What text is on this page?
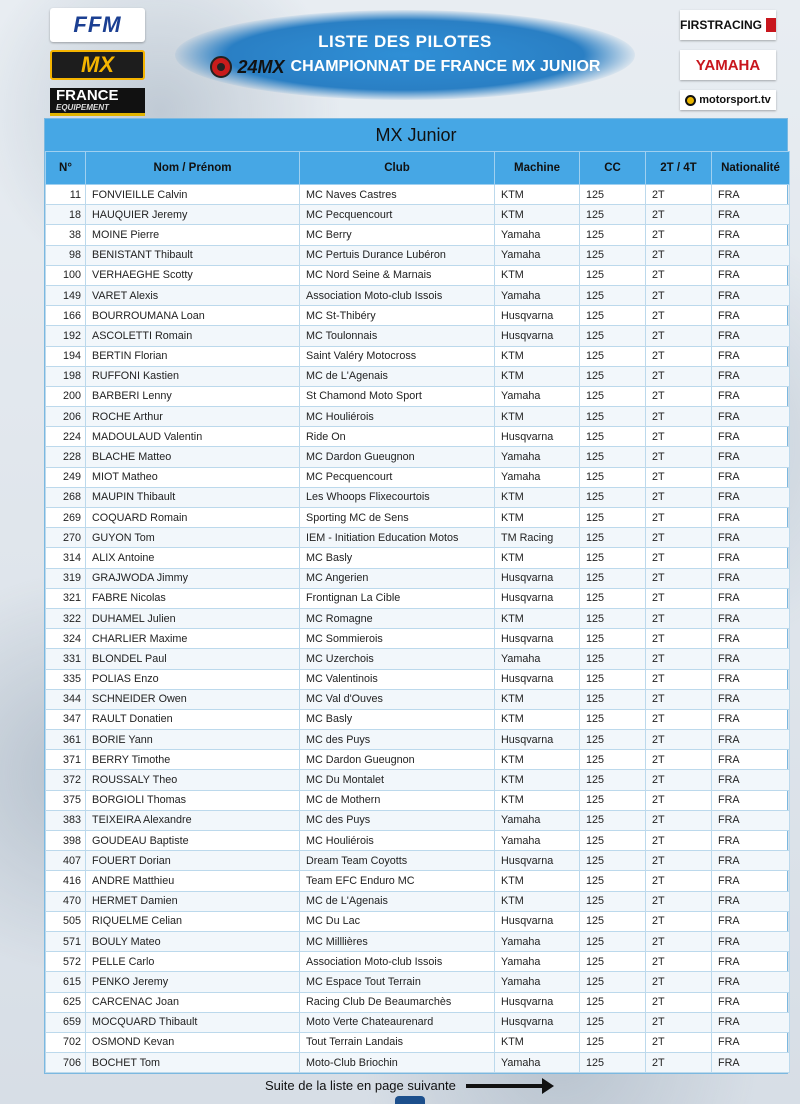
FFM
MX
FRANCE
EQUIPEMENT
LISTE DES PILOTES
24MX CHAMPIONNAT DE FRANCE MX JUNIOR
FIRSTRACING
YAMAHA
motorsport.tv
MX Junior
N°	Nom / Prénom	Club	Machine	CC	2T / 4T	Nationalité
11	FONVIEILLE Calvin	MC Naves Castres	KTM	125	2T	FRA
18	HAUQUIER Jeremy	MC Pecquencourt	KTM	125	2T	FRA
38	MOINE Pierre	MC Berry	Yamaha	125	2T	FRA
98	BENISTANT Thibault	MC Pertuis Durance Lubéron	Yamaha	125	2T	FRA
100	VERHAEGHE Scotty	MC Nord Seine & Marnais	KTM	125	2T	FRA
149	VARET Alexis	Association Moto-club Issois	Yamaha	125	2T	FRA
166	BOURROUMANA Loan	MC St-Thibéry	Husqvarna	125	2T	FRA
192	ASCOLETTI Romain	MC Toulonnais	Husqvarna	125	2T	FRA
194	BERTIN Florian	Saint Valéry Motocross	KTM	125	2T	FRA
198	RUFFONI Kastien	MC de L'Agenais	KTM	125	2T	FRA
200	BARBERI Lenny	St Chamond Moto Sport	Yamaha	125	2T	FRA
206	ROCHE Arthur	MC Houliérois	KTM	125	2T	FRA
224	MADOULAUD Valentin	Ride On	Husqvarna	125	2T	FRA
228	BLACHE Matteo	MC Dardon Gueugnon	Yamaha	125	2T	FRA
249	MIOT Matheo	MC Pecquencourt	Yamaha	125	2T	FRA
268	MAUPIN Thibault	Les Whoops Flixecourtois	KTM	125	2T	FRA
269	COQUARD Romain	Sporting MC de Sens	KTM	125	2T	FRA
270	GUYON Tom	IEM - Initiation Education Motos	TM Racing	125	2T	FRA
314	ALIX Antoine	MC Basly	KTM	125	2T	FRA
319	GRAJWODA Jimmy	MC Angerien	Husqvarna	125	2T	FRA
321	FABRE Nicolas	Frontignan La Cible	Husqvarna	125	2T	FRA
322	DUHAMEL Julien	MC Romagne	KTM	125	2T	FRA
324	CHARLIER Maxime	MC Sommierois	Husqvarna	125	2T	FRA
331	BLONDEL Paul	MC Uzerchois	Yamaha	125	2T	FRA
335	POLIAS Enzo	MC Valentinois	Husqvarna	125	2T	FRA
344	SCHNEIDER Owen	MC Val d'Ouves	KTM	125	2T	FRA
347	RAULT Donatien	MC Basly	KTM	125	2T	FRA
361	BORIE Yann	MC des Puys	Husqvarna	125	2T	FRA
371	BERRY Timothe	MC Dardon Gueugnon	KTM	125	2T	FRA
372	ROUSSALY Theo	MC Du Montalet	KTM	125	2T	FRA
375	BORGIOLI Thomas	MC de Mothern	KTM	125	2T	FRA
383	TEIXEIRA Alexandre	MC des Puys	Yamaha	125	2T	FRA
398	GOUDEAU Baptiste	MC Houliérois	Yamaha	125	2T	FRA
407	FOUERT Dorian	Dream Team Coyotts	Husqvarna	125	2T	FRA
416	ANDRE Matthieu	Team EFC Enduro MC	KTM	125	2T	FRA
470	HERMET Damien	MC de L'Agenais	KTM	125	2T	FRA
505	RIQUELME Celian	MC Du Lac	Husqvarna	125	2T	FRA
571	BOULY Mateo	MC Milllières	Yamaha	125	2T	FRA
572	PELLE Carlo	Association Moto-club Issois	Yamaha	125	2T	FRA
615	PENKO Jeremy	MC Espace Tout Terrain	Yamaha	125	2T	FRA
625	CARCENAC Joan	Racing Club De Beaumarchès	Husqvarna	125	2T	FRA
659	MOCQUARD Thibault	Moto Verte Chateaurenard	Husqvarna	125	2T	FRA
702	OSMOND Kevan	Tout Terrain Landais	KTM	125	2T	FRA
706	BOCHET Tom	Moto-Club Briochin	Yamaha	125	2T	FRA
Suite de la liste en page suivante
